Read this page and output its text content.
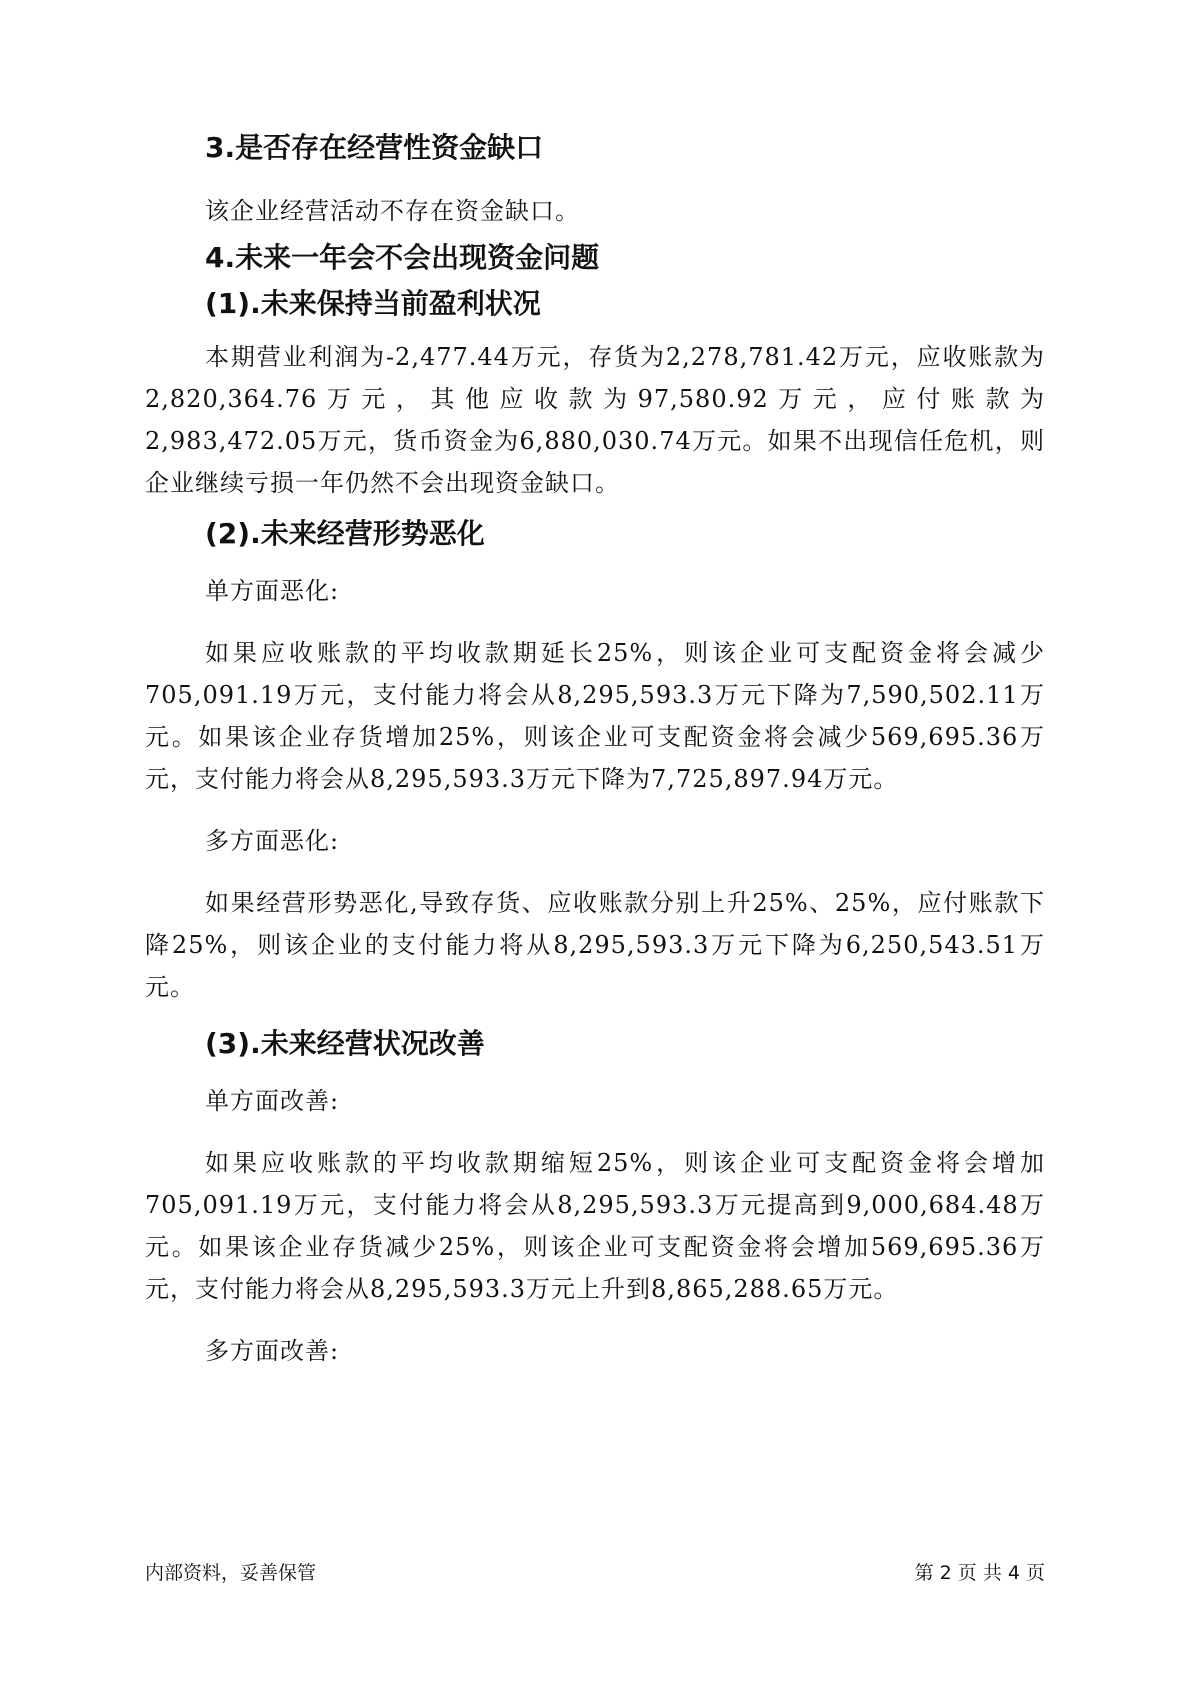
3.是否存在经营性资金缺口

该企业经营活动不存在资金缺口。

4.未来一年会不会出现资金问题

(1).未来保持当前盈利状况

本期营业利润为-2,477.44万元，存货为2,278,781.42万元，应收账款为2,820,364.76万元，其他应收款为97,580.92万元，应付账款为2,983,472.05万元，货币资金为6,880,030.74万元。如果不出现信任危机，则企业继续亏损一年仍然不会出现资金缺口。

(2).未来经营形势恶化

单方面恶化:

如果应收账款的平均收款期延长25%，则该企业可支配资金将会减少705,091.19万元，支付能力将会从8,295,593.3万元下降为7,590,502.11万元。如果该企业存货增加25%，则该企业可支配资金将会减少569,695.36万元，支付能力将会从8,295,593.3万元下降为7,725,897.94万元。

多方面恶化:

如果经营形势恶化,导致存货、应收账款分别上升25%、25%，应付账款下降25%，则该企业的支付能力将从8,295,593.3万元下降为6,250,543.51万元。

(3).未来经营状况改善

单方面改善:

如果应收账款的平均收款期缩短25%，则该企业可支配资金将会增加705,091.19万元，支付能力将会从8,295,593.3万元提高到9,000,684.48万元。如果该企业存货减少25%，则该企业可支配资金将会增加569,695.36万元，支付能力将会从8,295,593.3万元上升到8,865,288.65万元。

多方面改善:

内部资料，妥善保管	第 2 页 共 4 页
